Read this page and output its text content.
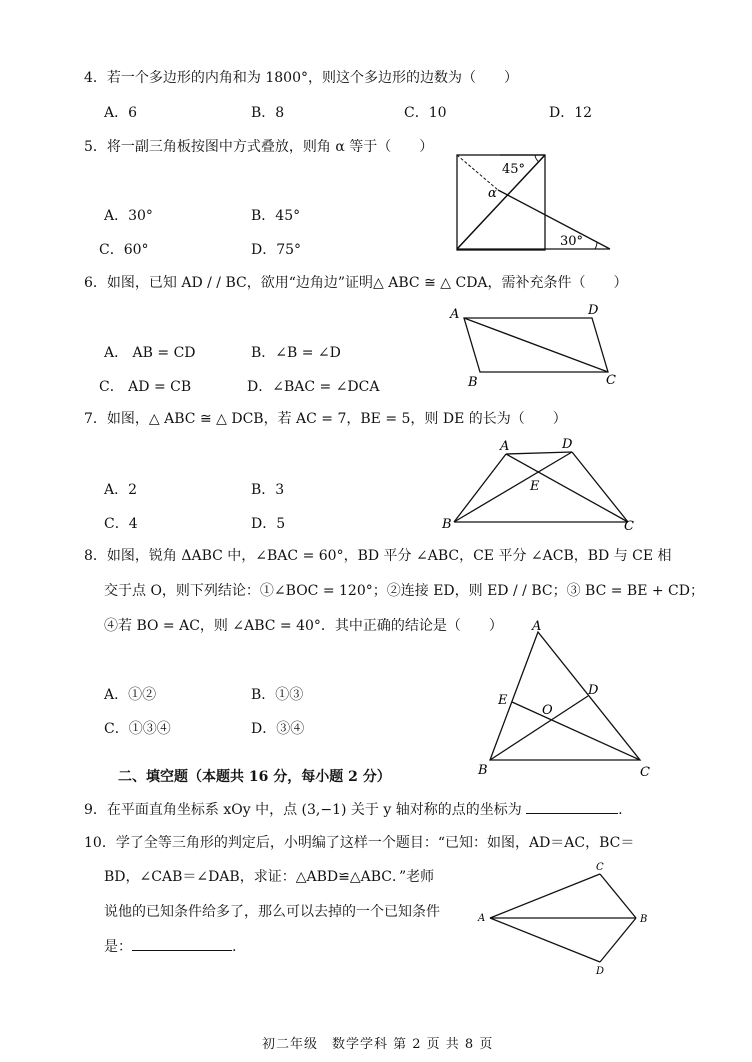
4．若一个多边形的内角和为 1800°，则这个多边形的边数为（　　）
A．6	B．8	C．10	D．12
5．将一副三角板按图中方式叠放，则角 α 等于（　　）
A．30°	B．45°
C．60°	D．75°
45°
α
30°
6．如图，已知 AD / / BC，欲用“边角边”证明△ ABC ≅ △ CDA，需补充条件（　　）
A． AB = CD	B．∠B = ∠D
C． AD = CB	D．∠BAC = ∠DCA
A	D
B	C
7．如图，△ ABC ≅ △ DCB，若 AC = 7，BE = 5，则 DE 的长为（　　）
A．2	B．3
C．4	D．5
A	D
E
B	C
8．如图，锐角 ΔABC 中，∠BAC = 60°，BD 平分 ∠ABC，CE 平分 ∠ACB，BD 与 CE 相
交于点 O，则下列结论：①∠BOC = 120°；②连接 ED，则 ED / / BC；③ BC = BE + CD；
④若 BO = AC，则 ∠ABC = 40°．其中正确的结论是（　　）
A．①②	B．①③
C．①③④	D．③④
A
E
D
O
B	C
二、填空题（本题共 16 分，每小题 2 分）
9．在平面直角坐标系 xOy 中，点 (3,−1) 关于 y 轴对称的点的坐标为	.
10．学了全等三角形的判定后，小明编了这样一个题目：“已知：如图，AD＝AC，BC＝
BD，∠CAB＝∠DAB，求证：△ABD≌△ABC．”老师
说他的已知条件给多了，那么可以去掉的一个已知条件
是：	.
A
C
B
D
初二年级　数学学科 第 2 页 共 8 页
